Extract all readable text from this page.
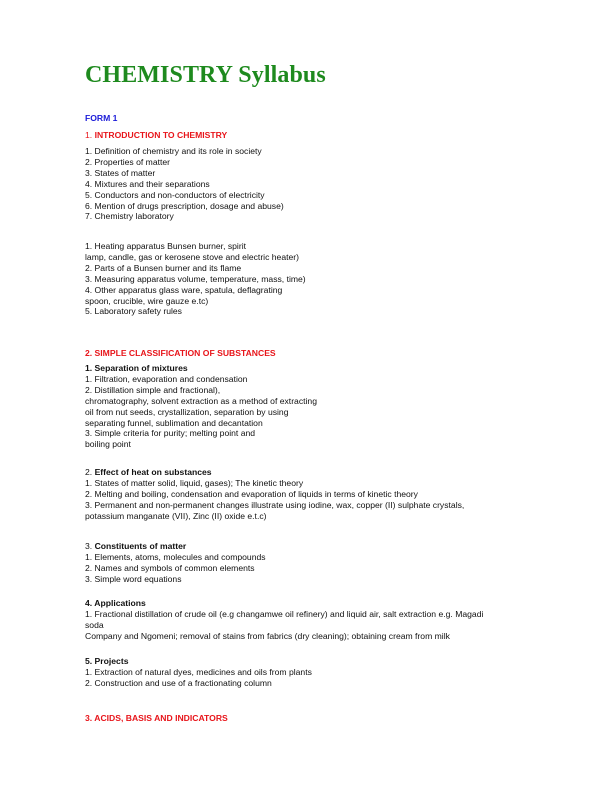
CHEMISTRY Syllabus
FORM 1
1. INTRODUCTION TO CHEMISTRY
1. Definition of chemistry and its role in society
2. Properties of matter
3. States of matter
4. Mixtures and their separations
5. Conductors and non-conductors of electricity
6. Mention of drugs prescription, dosage and abuse)
7. Chemistry laboratory
1. Heating apparatus Bunsen burner, spirit
lamp, candle, gas or kerosene stove and electric heater)
2. Parts of a Bunsen burner and its flame
3. Measuring apparatus volume, temperature, mass, time)
4. Other apparatus glass ware, spatula, deflagrating
spoon, crucible, wire gauze e.tc)
5. Laboratory safety rules
2. SIMPLE CLASSIFICATION OF SUBSTANCES
1. Separation of mixtures
1. Filtration, evaporation and condensation
2. Distillation simple and fractional),
chromatography, solvent extraction as a method of extracting
oil from nut seeds, crystallization, separation by using
separating funnel, sublimation and decantation
3. Simple criteria for purity; melting point and
boiling point
2. Effect of heat on substances
1. States of matter solid, liquid, gases); The kinetic theory
2. Melting and boiling, condensation and evaporation of liquids in terms of kinetic theory
3. Permanent and non-permanent changes illustrate using iodine, wax, copper (II) sulphate crystals,
potassium manganate (VII), Zinc (II) oxide e.t.c)
3. Constituents of matter
1. Elements, atoms, molecules and compounds
2. Names and symbols of common elements
3. Simple word equations
4. Applications
1. Fractional distillation of crude oil (e.g changamwe oil refinery) and liquid air, salt extraction e.g. Magadi
soda
Company and Ngomeni; removal of stains from fabrics (dry cleaning); obtaining cream from milk
5. Projects
1. Extraction of natural dyes, medicines and oils from plants
2. Construction and use of a fractionating column
3. ACIDS, BASIS AND INDICATORS
